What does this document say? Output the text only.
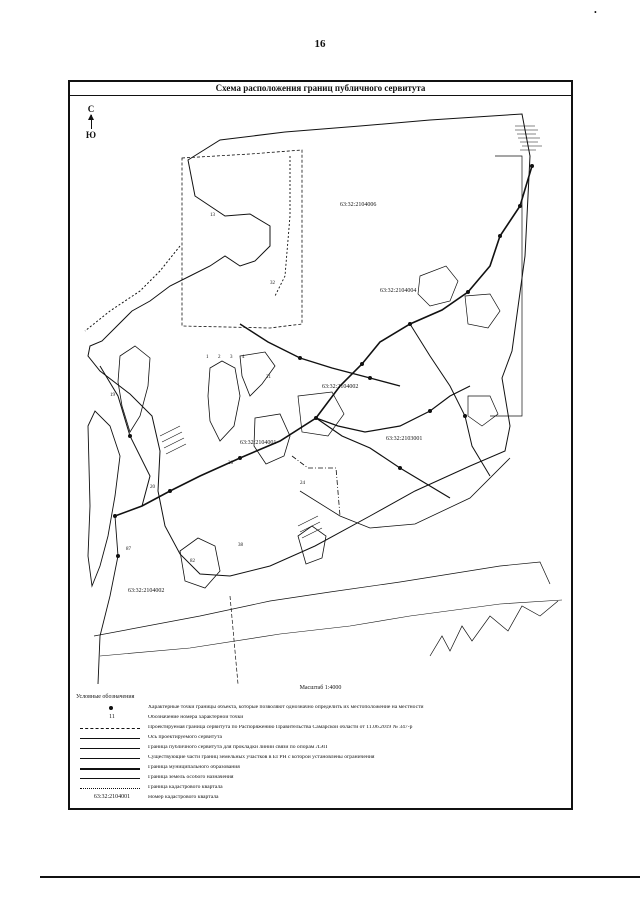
16
•
Схема расположения границ публичного сервитута
63:32:2104006
63:32:2104004
63:32:2104002
63:32:2103001
63:32:2104001
63:32:2104002
13
32
1 2 3 4
20
26
38
82
87
19
21
24
С
Ю
Масштаб 1:4000
Условные обозначения
Характерные точки границы объекта, которые позволяют однозначно определить их местоположение на местности
11	Обозначение номера характерной точки
Проектируемая граница сервитута по Распоряжению Правительства Самарской области от 11.06.2019 № 347-р
Ось проектируемого сервитута
Граница публичного сервитута для прокладки линий связи по опорам ЛЭП
Существующие части границ земельных участков в ЕГРН с которой установлены ограничения
Граница муниципального образования
Граница земель особого назначения
Граница кадастрового квартала
63:32:2104001	Номер кадастрового квартала
